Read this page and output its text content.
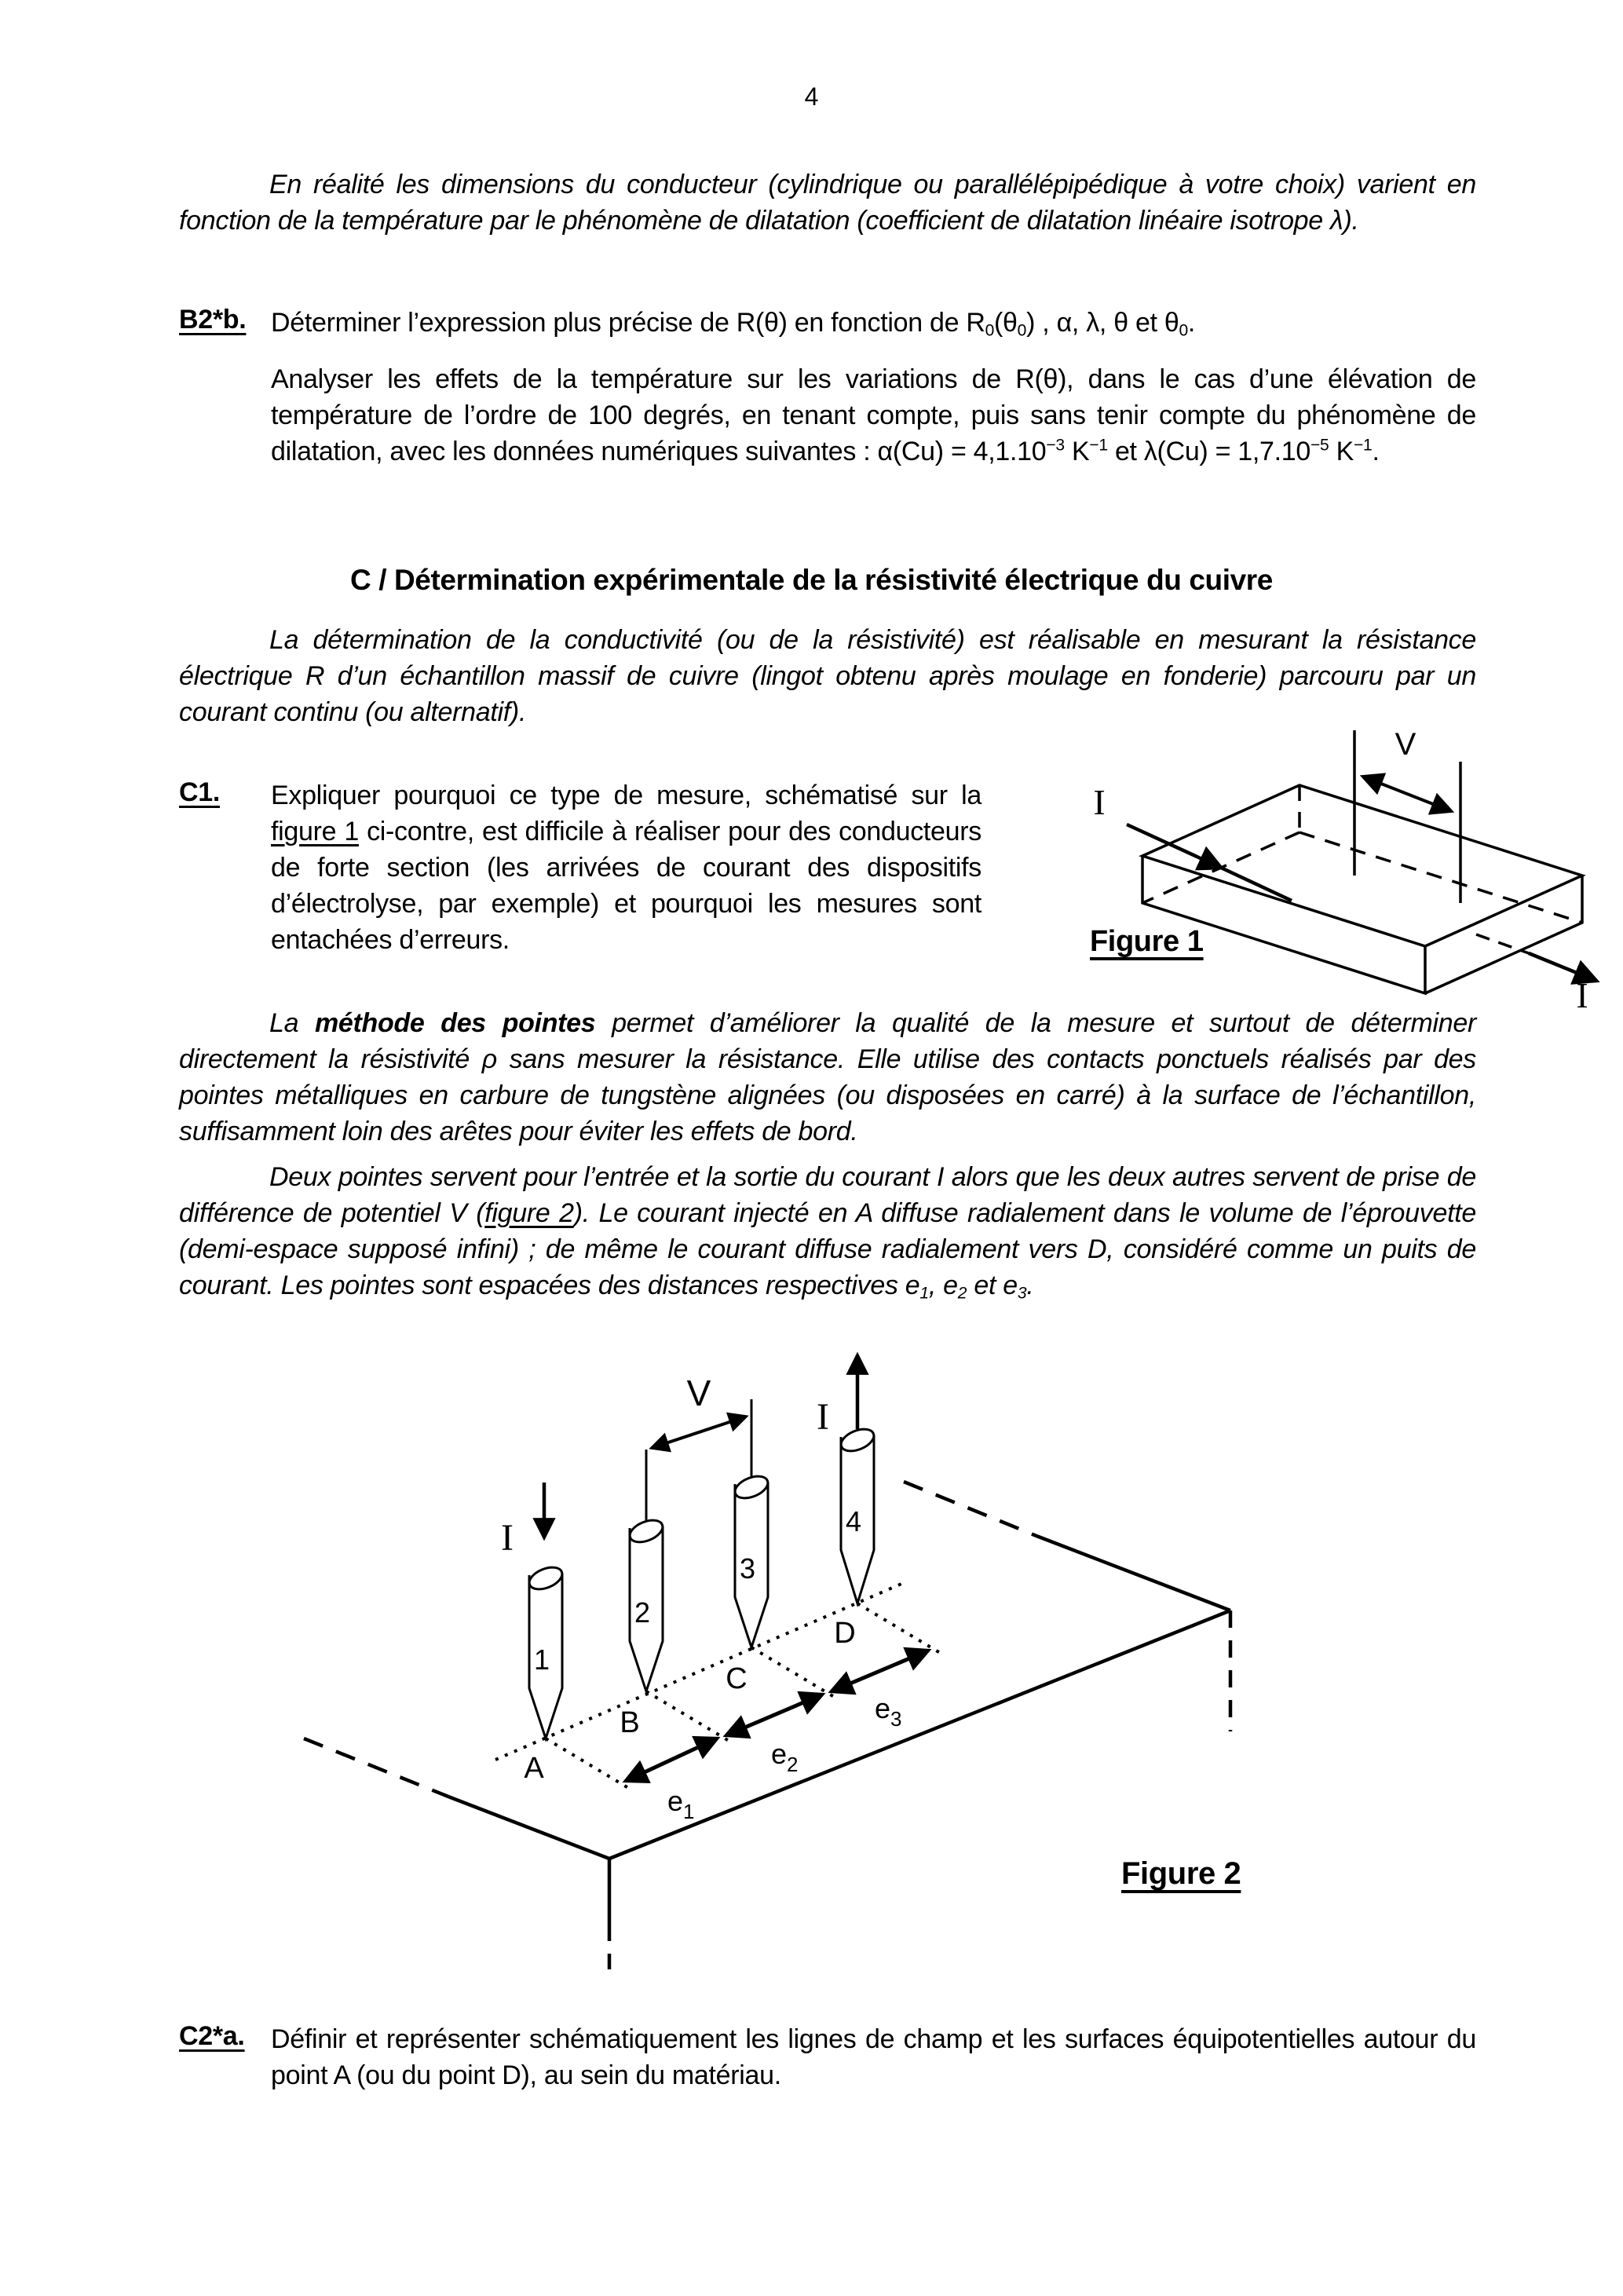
4

En réalité les dimensions du conducteur (cylindrique ou parallélépipédique à votre choix) varient en fonction de la température par le phénomène de dilatation (coefficient de dilatation linéaire isotrope λ).

B2*b. Déterminer l’expression plus précise de R(θ) en fonction de $R_0(\theta_0)$ , α, λ, θ et $\theta_0$.

Analyser les effets de la température sur les variations de R(θ), dans le cas d’une élévation de température de l’ordre de 100 degrés, en tenant compte, puis sans tenir compte du phénomène de dilatation, avec les données numériques suivantes : $\alpha(Cu) = 4,1.10^{-3}$ $K^{-1}$ et $\lambda(Cu) = 1,7.10^{-5}$ $K^{-1}$.

C / Détermination expérimentale de la résistivité électrique du cuivre

La détermination de la conductivité (ou de la résistivité) est réalisable en mesurant la résistance électrique R d’un échantillon massif de cuivre (lingot obtenu après moulage en fonderie) parcouru par un courant continu (ou alternatif).

C1. Expliquer pourquoi ce type de mesure, schématisé sur la figure 1 ci-contre, est difficile à réaliser pour des conducteurs de forte section (les arrivées de courant des dispositifs d’électrolyse, par exemple) et pourquoi les mesures sont entachées d’erreurs.

V
I
I
Figure 1

La méthode des pointes permet d’améliorer la qualité de la mesure et surtout de déterminer directement la résistivité ρ sans mesurer la résistance. Elle utilise des contacts ponctuels réalisés par des pointes métalliques en carbure de tungstène alignées (ou disposées en carré) à la surface de l’échantillon, suffisamment loin des arêtes pour éviter les effets de bord.

Deux pointes servent pour l’entrée et la sortie du courant I alors que les deux autres servent de prise de différence de potentiel V (figure 2). Le courant injecté en A diffuse radialement dans le volume de l’éprouvette (demi-espace supposé infini) ; de même le courant diffuse radialement vers D, considéré comme un puits de courant. Les pointes sont espacées des distances respectives $e_1$, $e_2$ et $e_3$.

$e_1$
$e_2$
$e_3$
A
B
C
D
1
2
3
4
V
I
I
Figure 2
C2*a. Définir et représenter schématiquement les lignes de champ et les surfaces équipotentielles autour du point A (ou du point D), au sein du matériau.
